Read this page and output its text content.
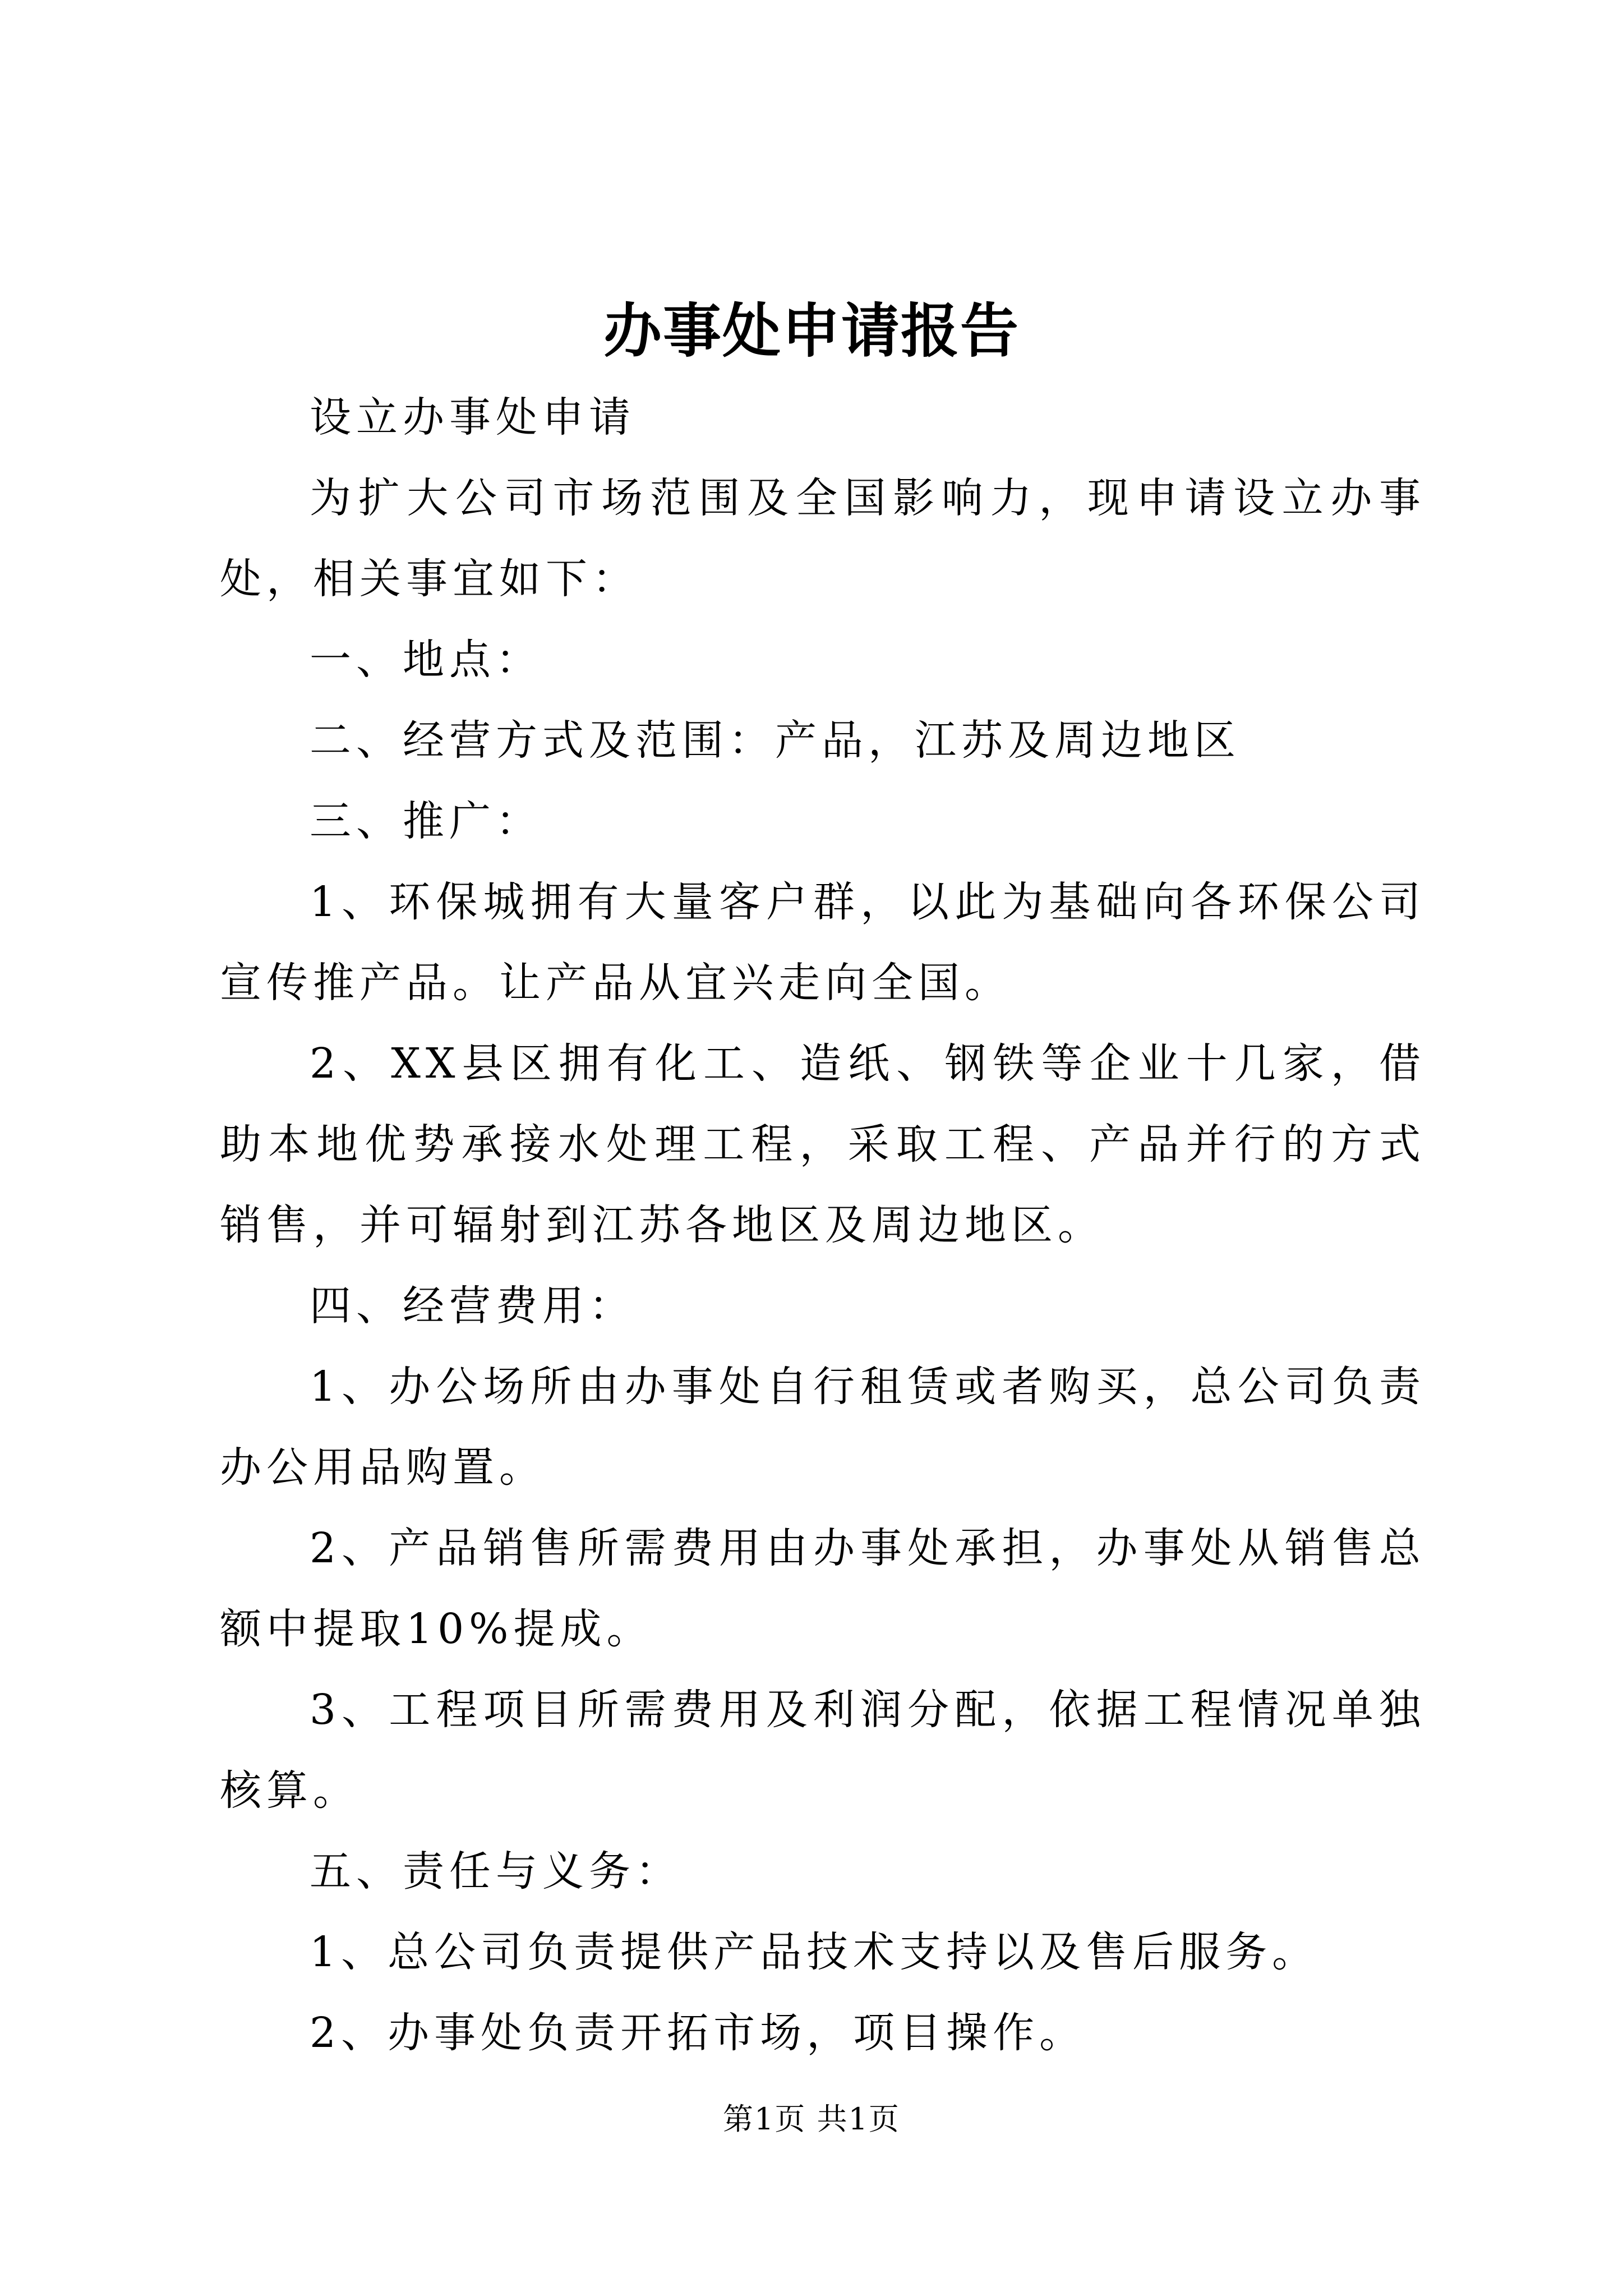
办事处申请报告

设立办事处申请

为扩大公司市场范围及全国影响力，现申请设立办事处，相关事宜如下：

一、地点：

二、经营方式及范围：产品，江苏及周边地区

三、推广：

1、环保城拥有大量客户群，以此为基础向各环保公司宣传推产品。让产品从宜兴走向全国。

2、XX县区拥有化工、造纸、钢铁等企业十几家，借助本地优势承接水处理工程，采取工程、产品并行的方式销售，并可辐射到江苏各地区及周边地区。

四、经营费用：

1、办公场所由办事处自行租赁或者购买，总公司负责办公用品购置。

2、产品销售所需费用由办事处承担，办事处从销售总额中提取10%提成。

3、工程项目所需费用及利润分配，依据工程情况单独核算。

五、责任与义务：

1、总公司负责提供产品技术支持以及售后服务。

2、办事处负责开拓市场，项目操作。

第1页 共1页
